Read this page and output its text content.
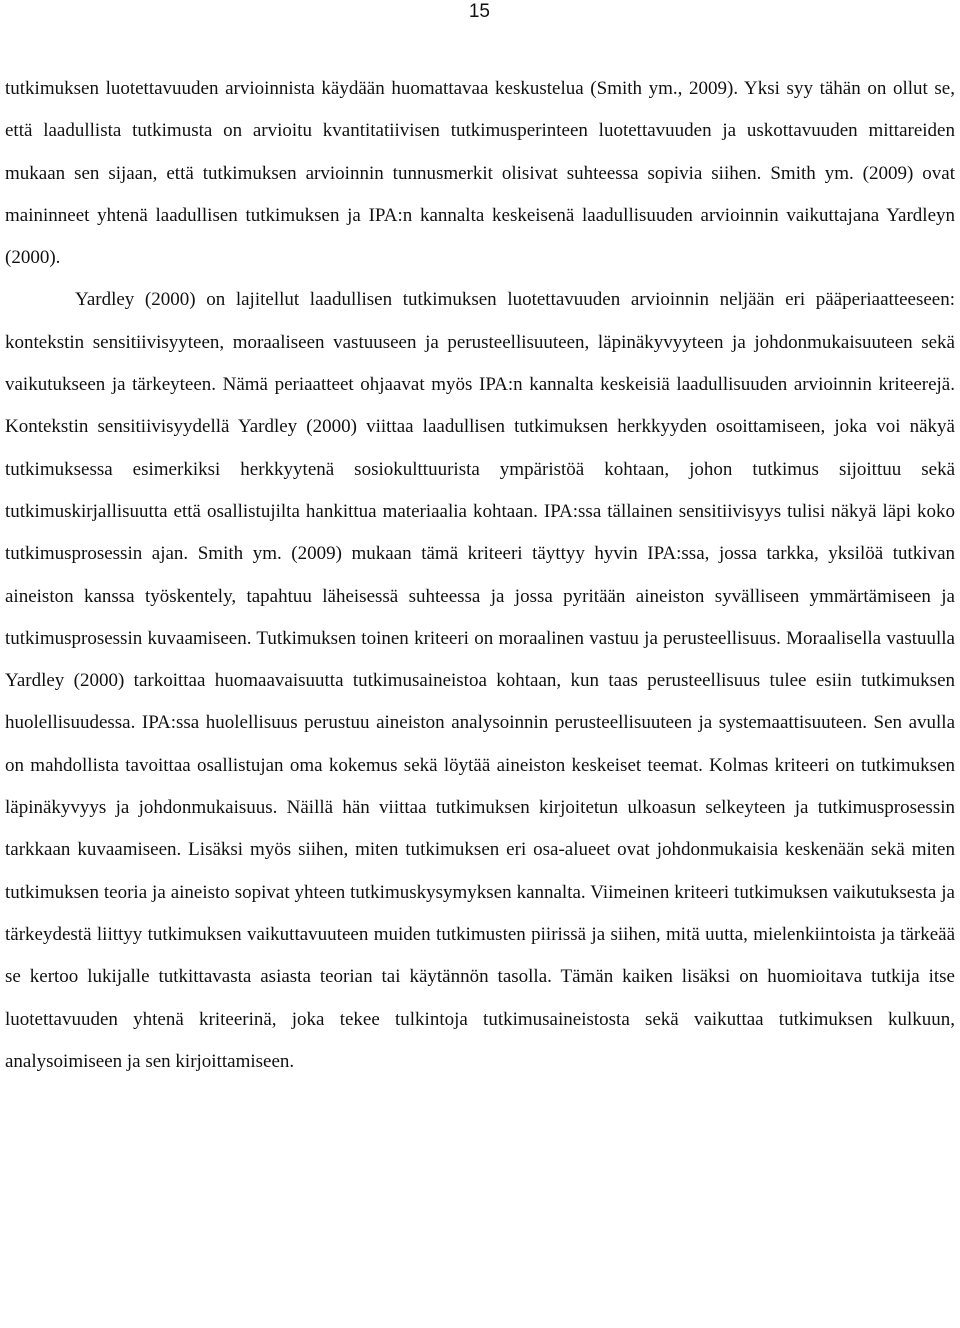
15

tutkimuksen luotettavuuden arvioinnista käydään huomattavaa keskustelua (Smith ym., 2009). Yksi syy tähän on ollut se, että laadullista tutkimusta on arvioitu kvantitatiivisen tutkimusperinteen luotettavuuden ja uskottavuuden mittareiden mukaan sen sijaan, että tutkimuksen arvioinnin tunnusmerkit olisivat suhteessa sopivia siihen. Smith ym. (2009) ovat maininneet yhtenä laadullisen tutkimuksen ja IPA:n kannalta keskeisenä laadullisuuden arvioinnin vaikuttajana Yardleyn (2000).

Yardley (2000) on lajitellut laadullisen tutkimuksen luotettavuuden arvioinnin neljään eri pääperiaatteeseen: kontekstin sensitiivisyyteen, moraaliseen vastuuseen ja perusteellisuuteen, läpinäkyvyyteen ja johdonmukaisuuteen sekä vaikutukseen ja tärkeyteen. Nämä periaatteet ohjaavat myös IPA:n kannalta keskeisiä laadullisuuden arvioinnin kriteerejä. Kontekstin sensitiivisyydellä Yardley (2000) viittaa laadullisen tutkimuksen herkkyyden osoittamiseen, joka voi näkyä tutkimuksessa esimerkiksi herkkyytenä sosiokulttuurista ympäristöä kohtaan, johon tutkimus sijoittuu sekä tutkimuskirjallisuutta että osallistujilta hankittua materiaalia kohtaan. IPA:ssa tällainen sensitiivisyys tulisi näkyä läpi koko tutkimusprosessin ajan. Smith ym. (2009) mukaan tämä kriteeri täyttyy hyvin IPA:ssa, jossa tarkka, yksilöä tutkivan aineiston kanssa työskentely, tapahtuu läheisessä suhteessa ja jossa pyritään aineiston syvälliseen ymmärtämiseen ja tutkimusprosessin kuvaamiseen. Tutkimuksen toinen kriteeri on moraalinen vastuu ja perusteellisuus. Moraalisella vastuulla Yardley (2000) tarkoittaa huomaavaisuutta tutkimusaineistoa kohtaan, kun taas perusteellisuus tulee esiin tutkimuksen huolellisuudessa. IPA:ssa huolellisuus perustuu aineiston analysoinnin perusteellisuuteen ja systemaattisuuteen. Sen avulla on mahdollista tavoittaa osallistujan oma kokemus sekä löytää aineiston keskeiset teemat. Kolmas kriteeri on tutkimuksen läpinäkyvyys ja johdonmukaisuus. Näillä hän viittaa tutkimuksen kirjoitetun ulkoasun selkeyteen ja tutkimusprosessin tarkkaan kuvaamiseen. Lisäksi myös siihen, miten tutkimuksen eri osa-alueet ovat johdonmukaisia keskenään sekä miten tutkimuksen teoria ja aineisto sopivat yhteen tutkimuskysymyksen kannalta. Viimeinen kriteeri tutkimuksen vaikutuksesta ja tärkeydestä liittyy tutkimuksen vaikuttavuuteen muiden tutkimusten piirissä ja siihen, mitä uutta, mielenkiintoista ja tärkeää se kertoo lukijalle tutkittavasta asiasta teorian tai käytännön tasolla. Tämän kaiken lisäksi on huomioitava tutkija itse luotettavuuden yhtenä kriteerinä, joka tekee tulkintoja tutkimusaineistosta sekä vaikuttaa tutkimuksen kulkuun, analysoimiseen ja sen kirjoittamiseen.
